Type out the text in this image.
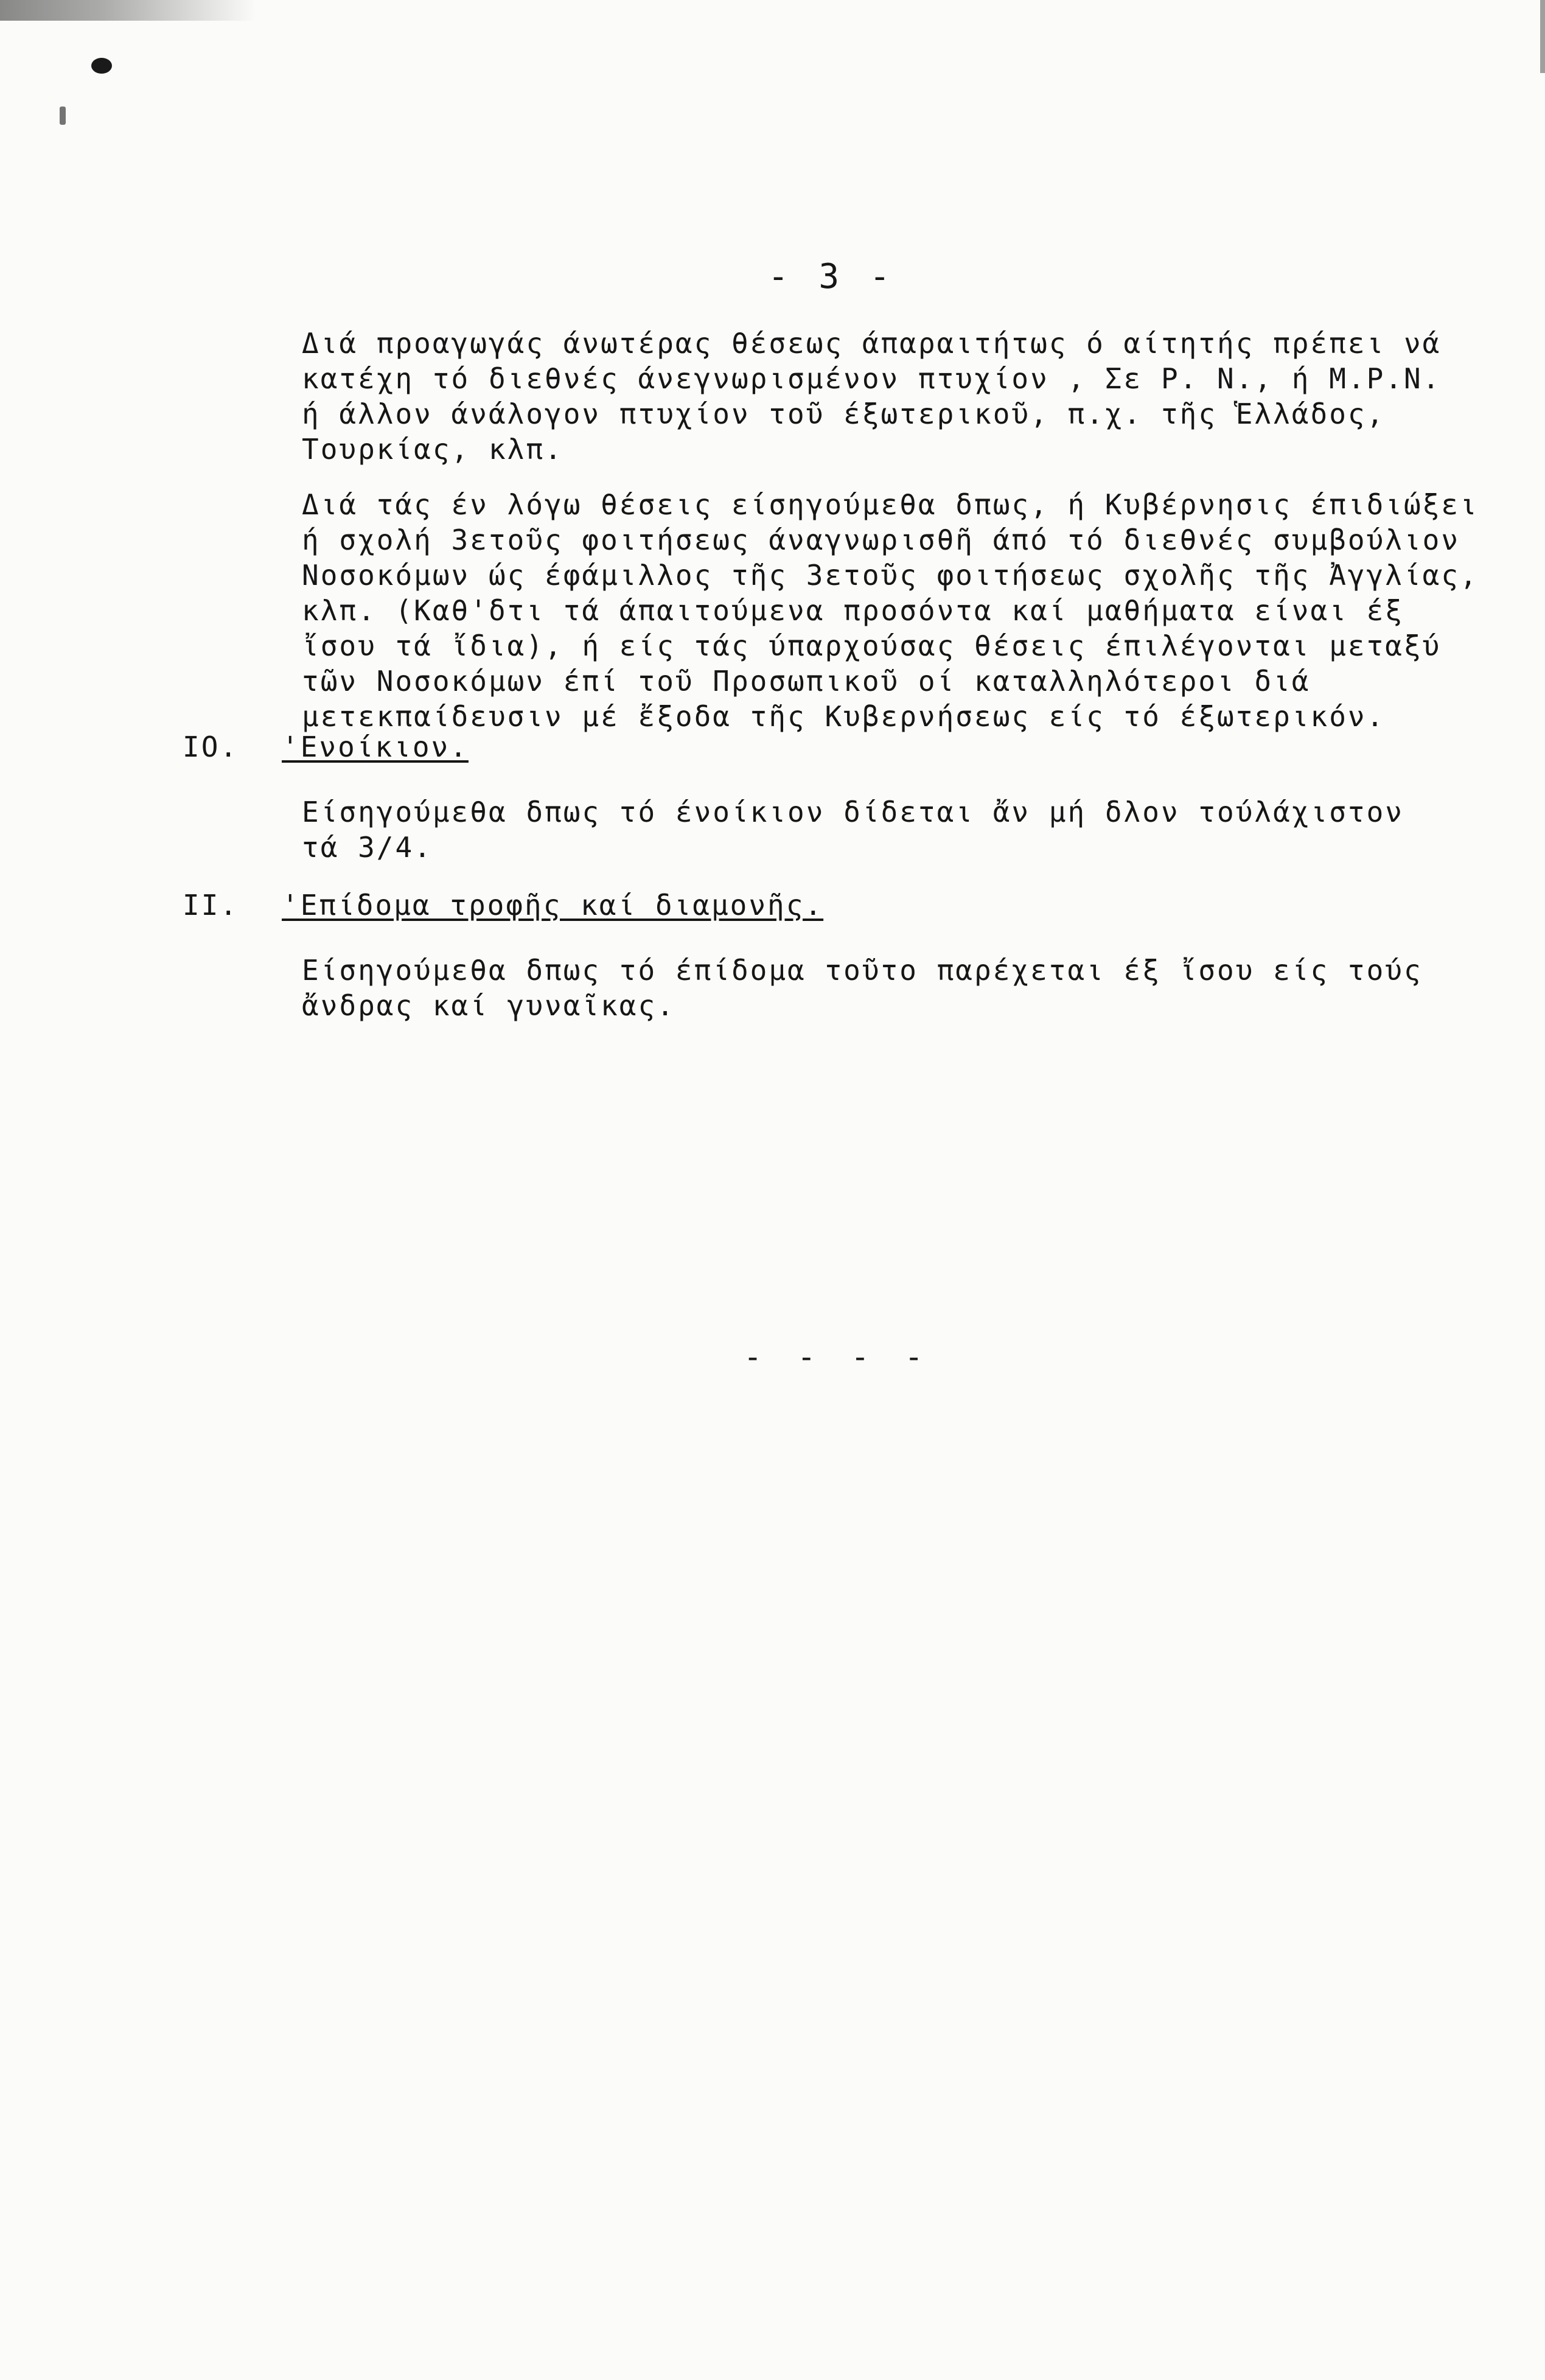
- 3 -

Διά προαγωγάς άνωτέρας θέσεως άπαραιτήτως ό αίτητής πρέπει νά
κατέχη τό διεθνές άνεγνωρισμένον πτυχίον , Σε Ρ. Ν., ή Μ.Ρ.Ν.
ή άλλον άνάλογον πτυχίον τοῦ έξωτερικοῦ, π.χ. τῆς Ἑλλάδος,
Τουρκίας, κλπ.

Διά τάς έν λόγω θέσεις είσηγούμεθα δπως, ή Κυβέρνησις έπιδιώξει
ή σχολή 3ετοῦς φοιτήσεως άναγνωρισθῆ άπό τό διεθνές συμβούλιον
Νοσοκόμων ώς έφάμιλλος τῆς 3ετοῦς φοιτήσεως σχολῆς τῆς Ἀγγλίας,
κλπ. (Καθ'δτι τά άπαιτούμενα προσόντα καί μαθήματα είναι έξ
ἴσου τά ἴδια), ή είς τάς ύπαρχούσας θέσεις έπιλέγονται μεταξύ
τῶν Νοσοκόμων έπί τοῦ Προσωπικοῦ οί καταλληλότεροι διά
μετεκπαίδευσιν μέ ἔξοδα τῆς Κυβερνήσεως είς τό έξωτερικόν.

IO. 'Ενοίκιον.

Είσηγούμεθα δπως τό ένοίκιον δίδεται ἄν μή δλον τούλάχιστον
τά 3/4.

II. 'Επίδομα τροφῆς καί διαμονῆς.

Είσηγούμεθα δπως τό έπίδομα τοῦτο παρέχεται έξ ἴσου είς τούς
ἄνδρας καί γυναῖκας.

- - - -
